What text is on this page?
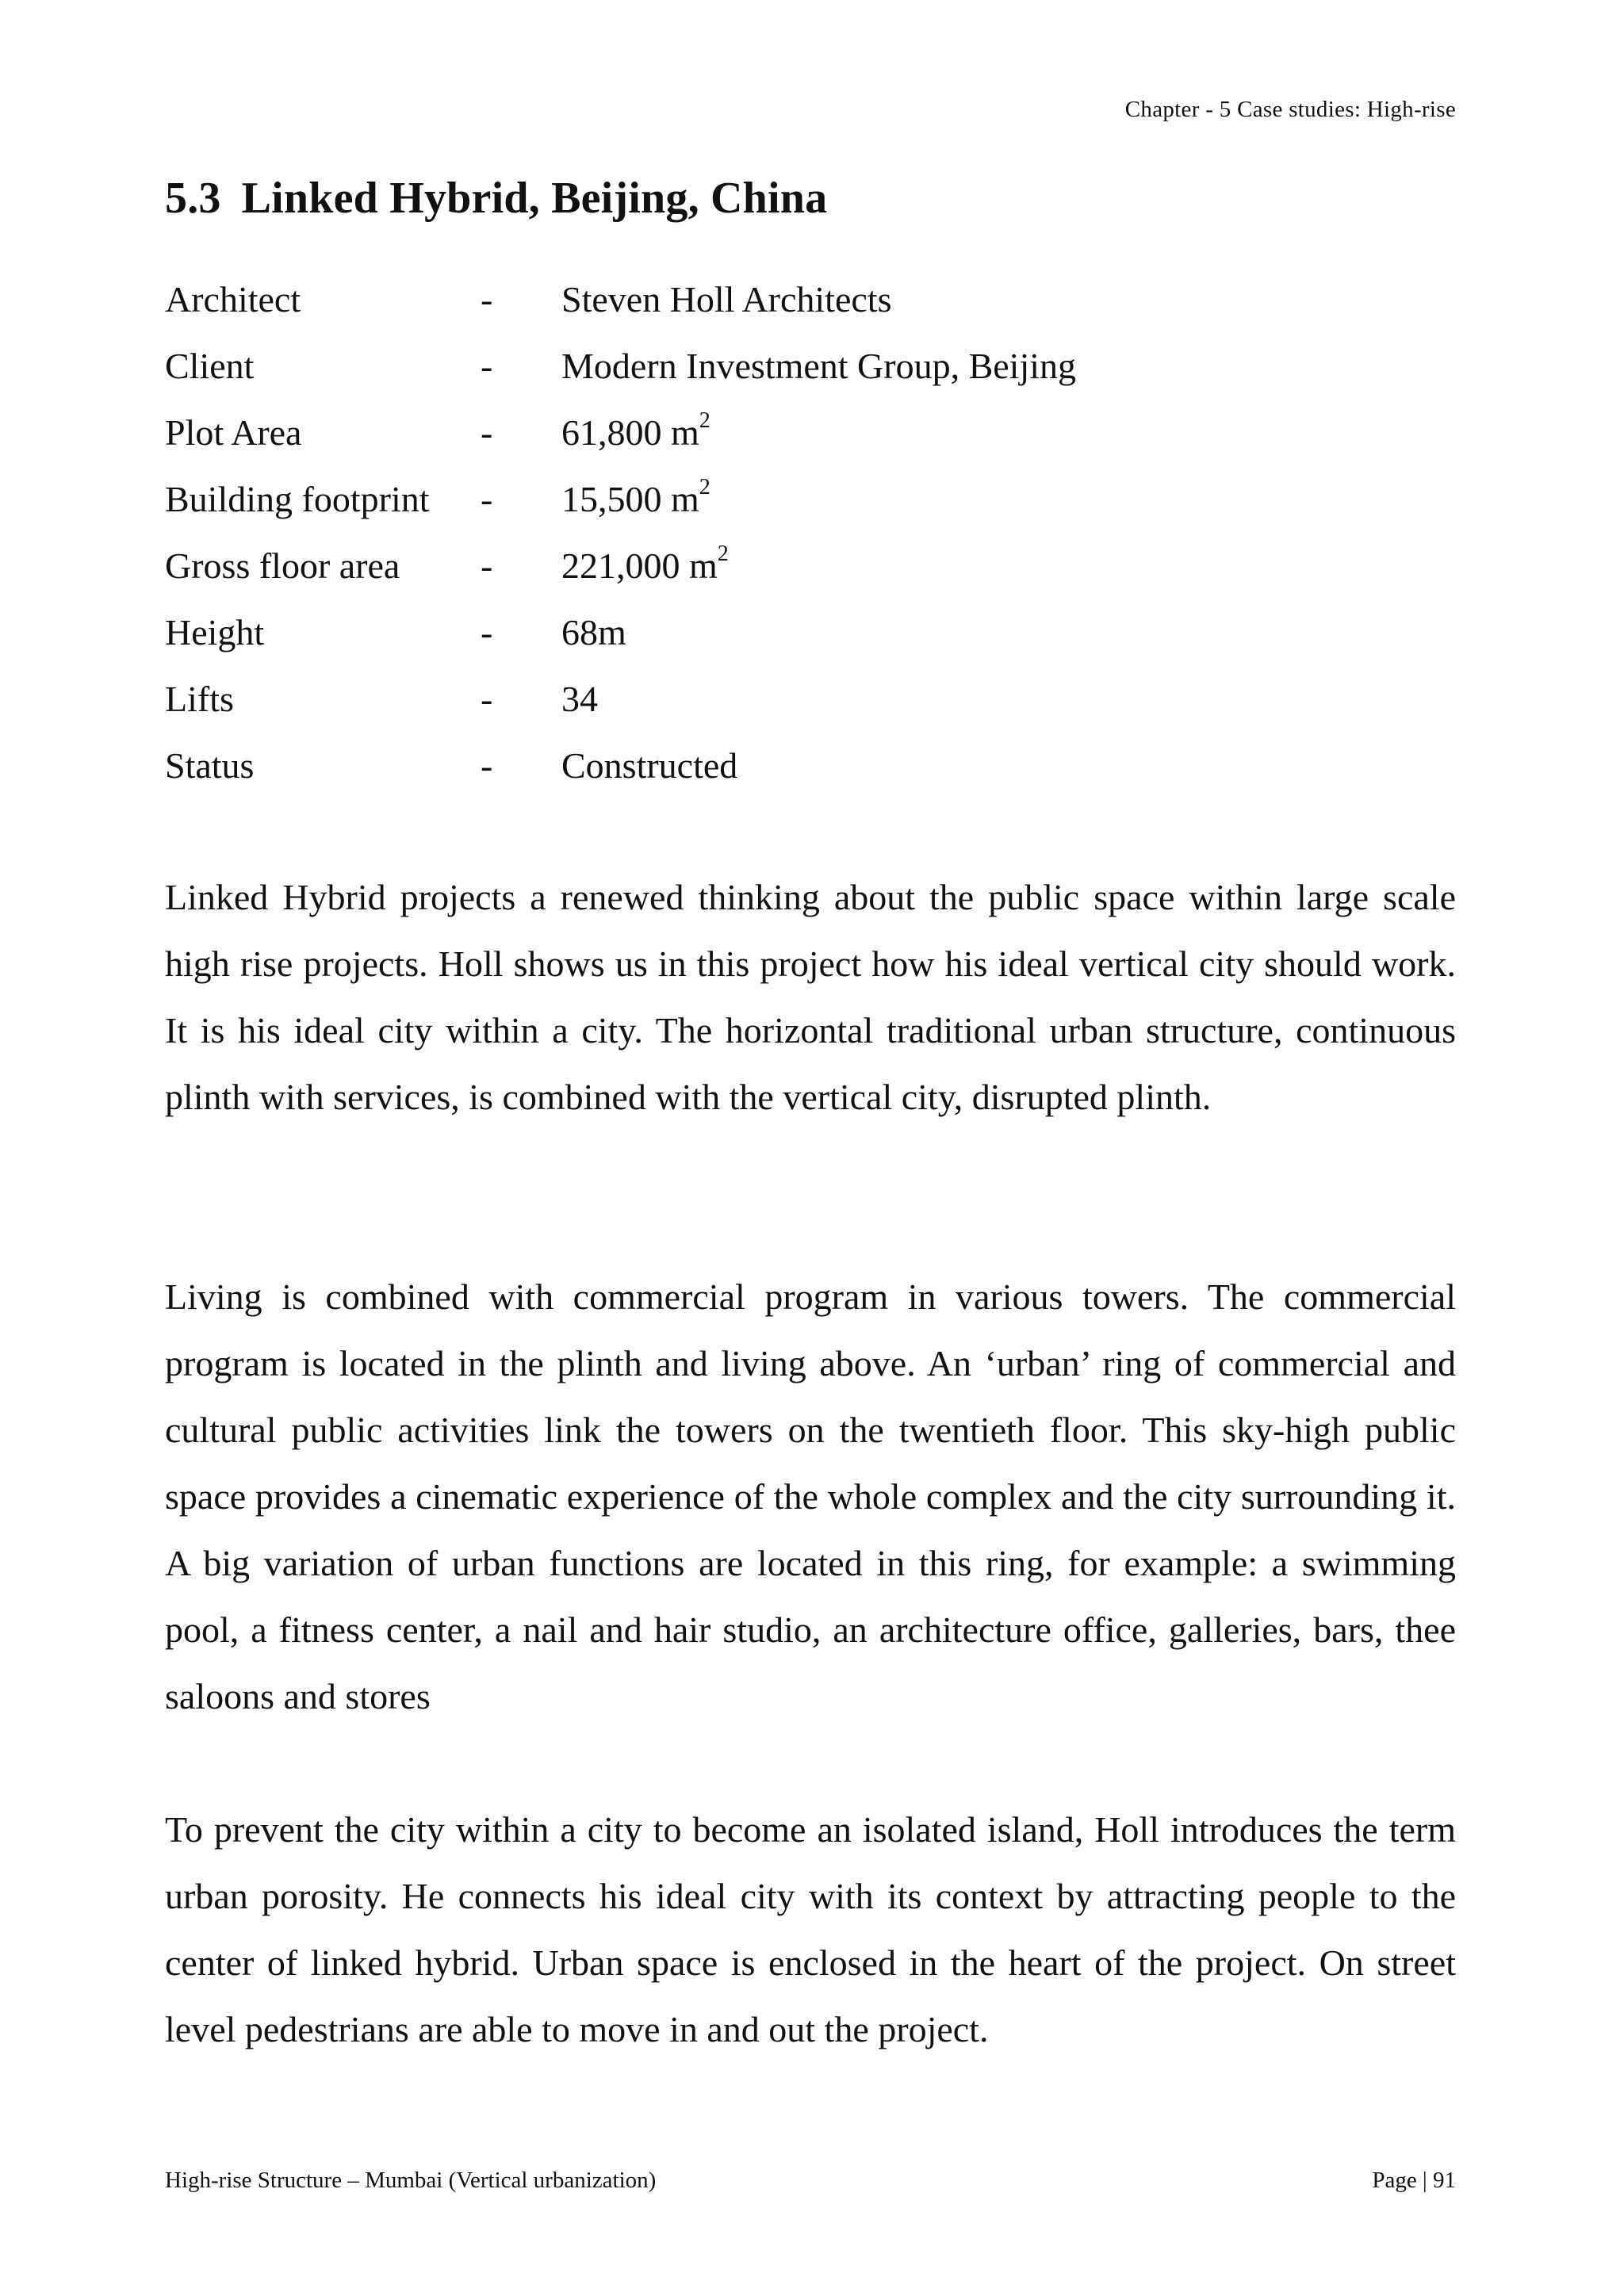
Chapter - 5 Case studies: High-rise
5.3 Linked Hybrid, Beijing, China
Architect	- Steven Holl Architects
Client	- Modern Investment Group, Beijing
Plot Area	- 61,800 $m^2$
Building footprint - 15,500 $m^2$
Gross floor area - 221,000 $m^2$
Height	- 68m
Lifts	- 34
Status	- Constructed

Linked Hybrid projects a renewed thinking about the public space within large scale high rise projects. Holl shows us in this project how his ideal vertical city should work. It is his ideal city within a city. The horizontal traditional urban structure, continuous plinth with services, is combined with the vertical city, disrupted plinth.

Living is combined with commercial program in various towers. The commercial program is located in the plinth and living above. An ‘urban’ ring of commercial and cultural public activities link the towers on the twentieth floor. This sky-high public space provides a cinematic experience of the whole complex and the city surrounding it. A big variation of urban functions are located in this ring, for example: a swimming pool, a fitness center, a nail and hair studio, an architecture office, galleries, bars, thee saloons and stores

To prevent the city within a city to become an isolated island, Holl introduces the term urban porosity. He connects his ideal city with its context by attracting people to the center of linked hybrid. Urban space is enclosed in the heart of the project. On street level pedestrians are able to move in and out the project.

High-rise Structure – Mumbai (Vertical urbanization)	Page | 91
